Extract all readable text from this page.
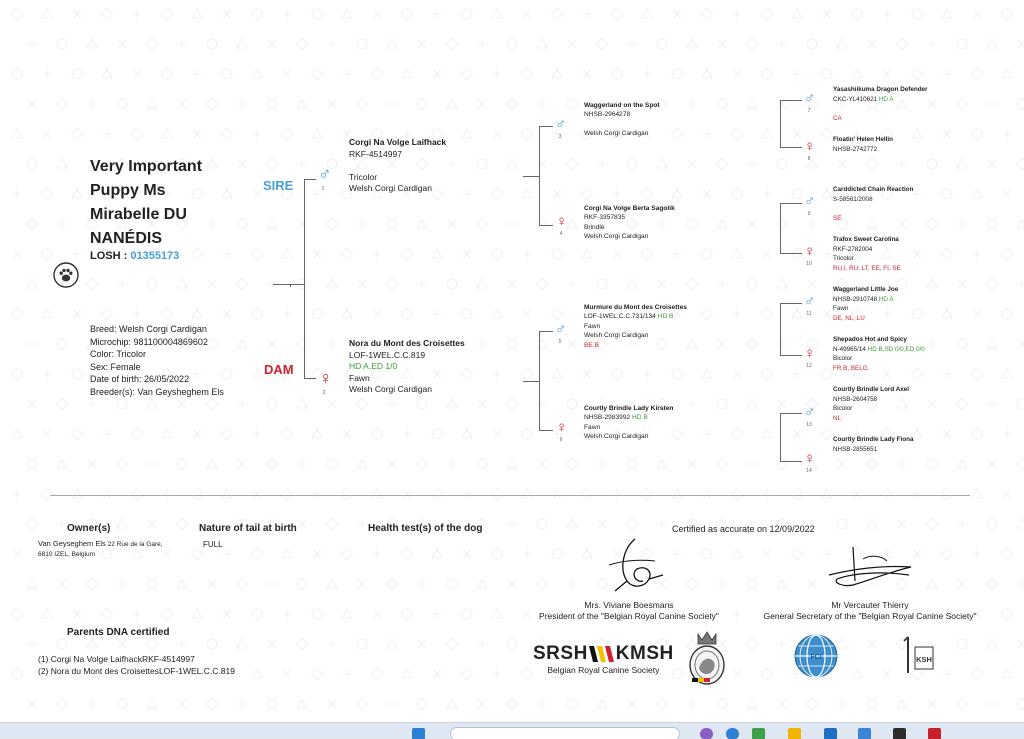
Very Important
Puppy Ms
Mirabelle DU
NANÉDIS
LOSH : 01355173
Breed: Welsh Corgi Cardigan
Microchip: 981100004869602
Color: Tricolor
Sex: Female
Date of birth: 26/05/2022
Breeder(s): Van Geysheghem Els
SIRE
DAM
♂
1
Corgi Na Volge Laifhack
RKF-4514997

Tricolor
Welsh Corgi Cardigan
♀
2
Nora du Mont des Croisettes
LOF-1WEL.C.C.819
HD A,ED 1/0
Fawn
Welsh Corgi Cardigan
♂
3
Waggerland on the Spot
NHSB-2964278

Welsh Corgi Cardigan
♀
4
Corgi Na Volge Berta Sagolik
RKF-3357835
Brindle
Welsh Corgi Cardigan
♂
5
Murmure du Mont des Croisettes
LOF-1WEL.C.C.731/134 HD B
Fawn
Welsh Corgi Cardigan
BE.B
♀
6
Courtly Brindle Lady Kirsten
NHSB-2983992 HD B
Fawn
Welsh Corgi Cardigan
♂
7
Yasashiikuma Dragon Defender
CKC-YL410621 HD A

CA
♀
8
Floatin' Helen Hellin
NHSB-2742772
♂
9
Carddicted Chain Reaction
S-58561/2008

SE
♀
10
Trafox Sweet Carolina
RKF-2782004
Tricolor
RU,I, RU, LT, EE, FI, SE
♂
11
Waggerland Little Joe
NHSB-2910748 HD A
Fawn
DE, NL, LU
♀
12
Shepados Hot and Spicy
N-49965/14 HD B,SD 0/0,ED 0/0
Bicolor
FR.B, BELG.
♂
13
Courtly Brindle Lord Axel
NHSB-2604758
Bicolor
NL
♀
14
Courtly Brindle Lady Fiona
NHSB-2855651
Owner(s)
Van Geyseghem Els 22 Rue de la Gare,
6810 IZEL, Belgium
Nature of tail at birth
FULL
Health test(s) of the dog	Certified as accurate on 12/09/2022
Mrs. Viviane Boesmans
President of the "Belgian Royal Canine Society"
Mr Vercauter Thierry
General Secretary of the "Belgian Royal Canine Society"
Parents DNA certified
(1) Corgi Na Volge LaifhackRKF-4514997
(2) Nora du Mont des CroisettesLOF-1WEL.C.C.819
SRSH KMSH
Belgian Royal Canine Society
FCI	KSH
